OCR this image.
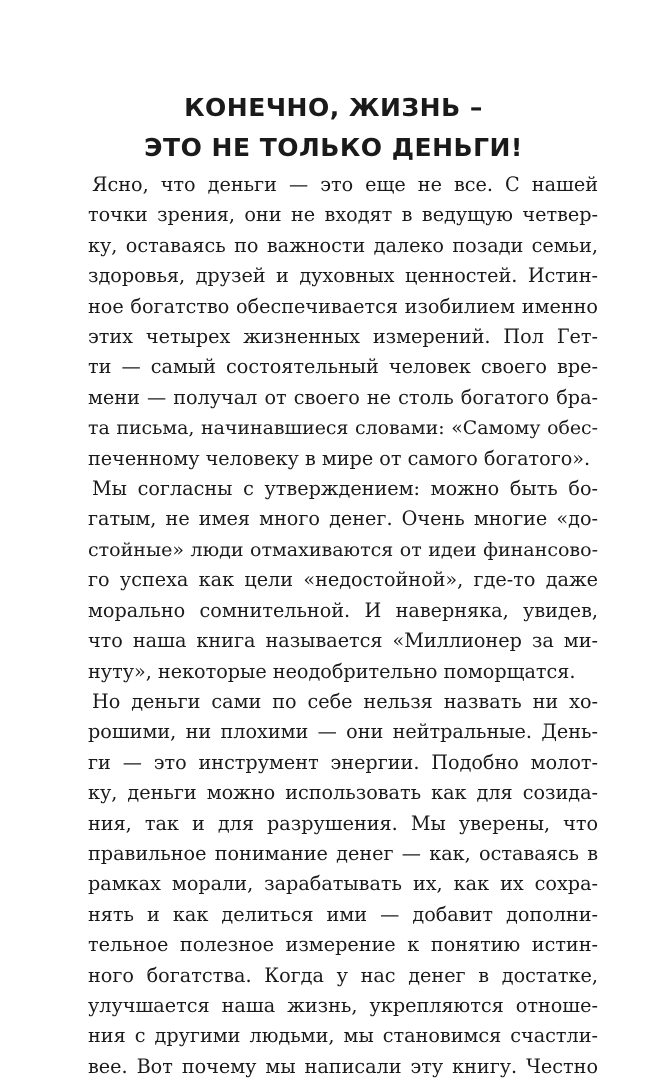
КОНЕЧНО, ЖИЗНЬ –
ЭТО НЕ ТОЛЬКО ДЕНЬГИ!
Ясно, что деньги — это еще не все. С нашей
точки зрения, они не входят в ведущую четвер-
ку, оставаясь по важности далеко позади семьи,
здоровья, друзей и духовных ценностей. Истин-
ное богатство обеспечивается изобилием именно
этих четырех жизненных измерений. Пол Гет-
ти — самый состоятельный человек своего вре-
мени — получал от своего не столь богатого бра-
та письма, начинавшиеся словами: «Самому обес-
печенному человеку в мире от самого богатого».
Мы согласны с утверждением: можно быть бо-
гатым, не имея много денег. Очень многие «до-
стойные» люди отмахиваются от идеи финансово-
го успеха как цели «недостойной», где-то даже
морально сомнительной. И наверняка, увидев,
что наша книга называется «Миллионер за ми-
нуту», некоторые неодобрительно поморщатся.
Но деньги сами по себе нельзя назвать ни хо-
рошими, ни плохими — они нейтральные. День-
ги — это инструмент энергии. Подобно молот-
ку, деньги можно использовать как для созида-
ния, так и для разрушения. Мы уверены, что
правильное понимание денег — как, оставаясь в
рамках морали, зарабатывать их, как их сохра-
нять и как делиться ими — добавит дополни-
тельное полезное измерение к понятию истин-
ного богатства. Когда у нас денег в достатке,
улучшается наша жизнь, укрепляются отноше-
ния с другими людьми, мы становимся счастли-
вее. Вот почему мы написали эту книгу. Честно
